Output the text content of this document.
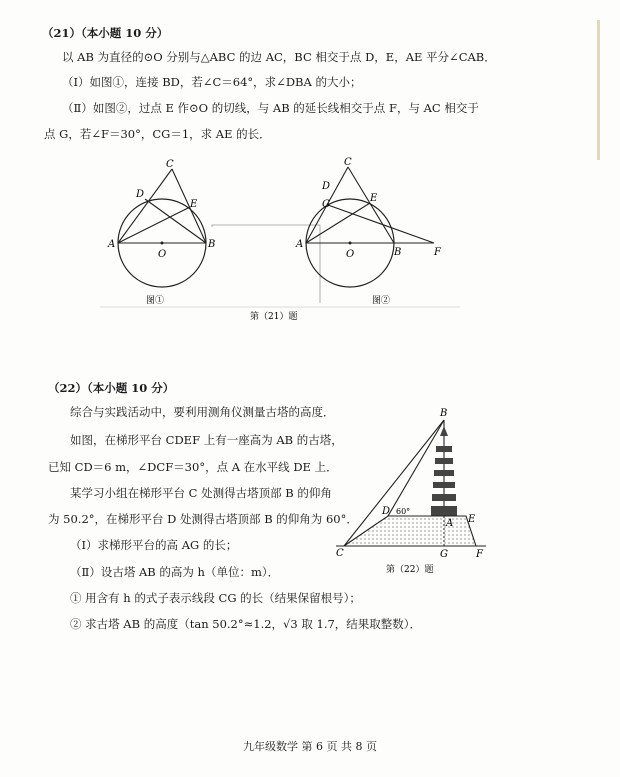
（21）（本小题 10 分）
以 AB 为直径的⊙O 分别与△ABC 的边 AC，BC 相交于点 D，E，AE 平分∠CAB．
（Ⅰ）如图①，连接 BD，若∠C＝64°，求∠DBA 的大小；
（Ⅱ）如图②，过点 E 作⊙O 的切线，与 AB 的延长线相交于点 F，与 AC 相交于
点 G，若∠F＝30°，CG＝1，求 AE 的长．
A	B
C
D
E
O
图①
A
B
C
D
G
E
O	F
图②
第（21）题
（22）（本小题 10 分）
综合与实践活动中，要利用测角仪测量古塔的高度．
如图，在梯形平台 CDEF 上有一座高为 AB 的古塔，
已知 CD＝6 m，∠DCF＝30°，点 A 在水平线 DE 上．
某学习小组在梯形平台 C 处测得古塔顶部 B 的仰角
为 50.2°，在梯形平台 D 处测得古塔顶部 B 的仰角为 60°．
（Ⅰ）求梯形平台的高 AG 的长；
（Ⅱ）设古塔 AB 的高为 h（单位：m）．
① 用含有 h 的式子表示线段 CG 的长（结果保留根号）；
② 求古塔 AB 的高度（tan 50.2°≈1.2，√3 取 1.7，结果取整数）．
60°
B
D
A E
C	G	F
第（22）题
九年级数学 第 6 页 共 8 页
